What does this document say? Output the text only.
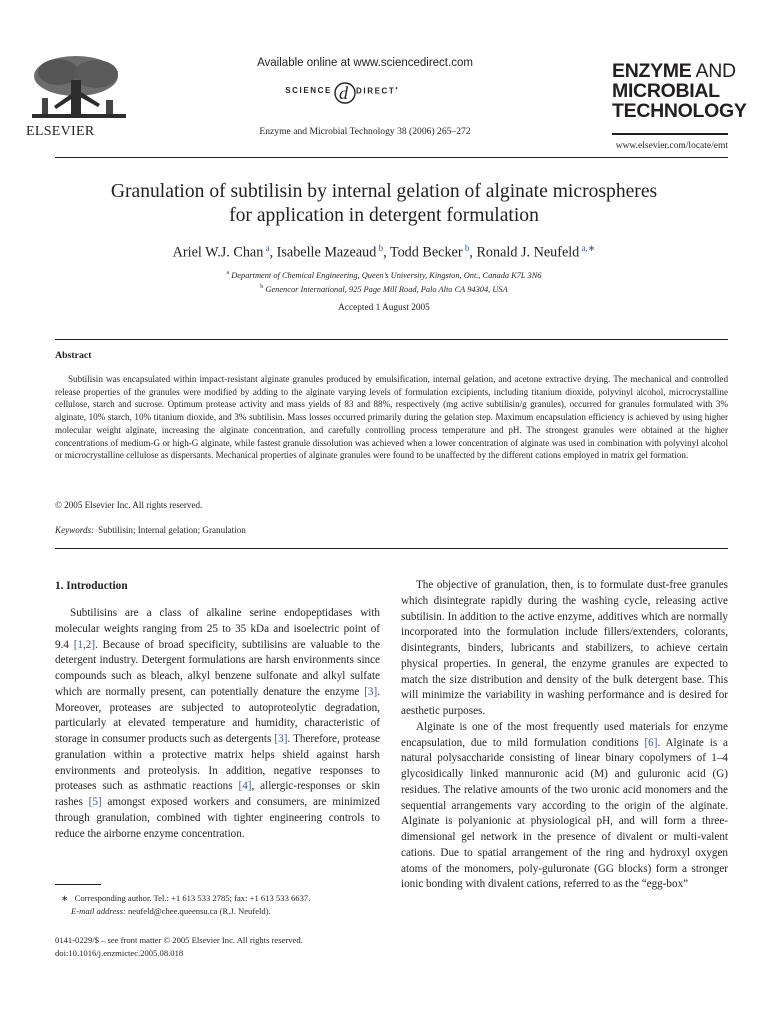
ELSEVIER
Available online at www.sciencedirect.com
SCIENCE d DIRECT•
Enzyme and Microbial Technology 38 (2006) 265–272
ENZYME AND
MICROBIAL
TECHNOLOGY
www.elsevier.com/locate/emt
Granulation of subtilisin by internal gelation of alginate microspheres
for application in detergent formulation
Ariel W.J. Chan $^a$, Isabelle Mazeaud $^b$, Todd Becker $^b$, Ronald J. Neufeld $^{a,∗}$
$^a$ Department of Chemical Engineering, Queen’s University, Kingston, Ont., Canada K7L 3N6
$^b$ Genencor International, 925 Page Mill Road, Palo Alto CA 94304, USA
Accepted 1 August 2005
Abstract
Subtilisin was encapsulated within impact-resistant alginate granules produced by emulsification, internal gelation, and acetone extractive drying. The mechanical and controlled release properties of the granules were modified by adding to the alginate varying levels of formulation excipients, including titanium dioxide, polyvinyl alcohol, microcrystalline cellulose, starch and sucrose. Optimum protease activity and mass yields of 83 and 88%, respectively (mg active subtilisin/g granules), occurred for granules formulated with 3% alginate, 10% starch, 10% titanium dioxide, and 3% subtilisin. Mass losses occurred primarily during the gelation step. Maximum encapsulation efficiency is achieved by using higher molecular weight alginate, increasing the alginate concentration, and carefully controlling process temperature and pH. The strongest granules were obtained at the higher concentrations of medium-G or high-G alginate, while fastest granule dissolution was achieved when a lower concentration of alginate was used in combination with polyvinyl alcohol or microcrystalline cellulose as dispersants. Mechanical properties of alginate granules were found to be unaffected by the different cations employed in matrix gel formation.
© 2005 Elsevier Inc. All rights reserved.
Keywords: Subtilisin; Internal gelation; Granulation
1. Introduction

Subtilisins are a class of alkaline serine endopeptidases with molecular weights ranging from 25 to 35 kDa and isoelectric point of 9.4 [1,2]. Because of broad specificity, subtilisins are valuable to the detergent industry. Detergent formulations are harsh environments since compounds such as bleach, alkyl benzene sulfonate and alkyl sulfate which are normally present, can potentially denature the enzyme [3]. Moreover, proteases are subjected to autoproteolytic degradation, particularly at elevated temperature and humidity, characteristic of storage in consumer products such as detergents [3]. Therefore, protease granulation within a protective matrix helps shield against harsh environments and proteolysis. In addition, negative responses to proteases such as asthmatic reactions [4], allergic-responses or skin rashes [5] amongst exposed workers and consumers, are minimized through granulation, combined with tighter engineering controls to reduce the airborne enzyme concentration.

The objective of granulation, then, is to formulate dust-free granules which disintegrate rapidly during the washing cycle, releasing active subtilisin. In addition to the active enzyme, additives which are normally incorporated into the formulation include fillers/extenders, colorants, disintegrants, binders, lubricants and stabilizers, to achieve certain physical properties. In general, the enzyme granules are expected to match the size distribution and density of the bulk detergent base. This will minimize the variability in washing performance and is desired for aesthetic purposes.

Alginate is one of the most frequently used materials for enzyme encapsulation, due to mild formulation conditions [6]. Alginate is a natural polysaccharide consisting of linear binary copolymers of 1–4 glycosidically linked mannuronic acid (M) and guluronic acid (G) residues. The relative amounts of the two uronic acid monomers and the sequential arrangements vary according to the origin of the alginate. Alginate is polyanionic at physiological pH, and will form a three-dimensional gel network in the presence of divalent or multi-valent cations. Due to spatial arrangement of the ring and hydroxyl oxygen atoms of the monomers, poly-guluronate (GG blocks) form a stronger ionic bonding with divalent cations, referred to as the “egg-box”

∗ Corresponding author. Tel.: +1 613 533 2785; fax: +1 613 533 6637.
E-mail address: neufeld@chee.queensu.ca (R.J. Neufeld).
0141-0229/$ – see front matter © 2005 Elsevier Inc. All rights reserved.
doi:10.1016/j.enzmictec.2005.08.018
